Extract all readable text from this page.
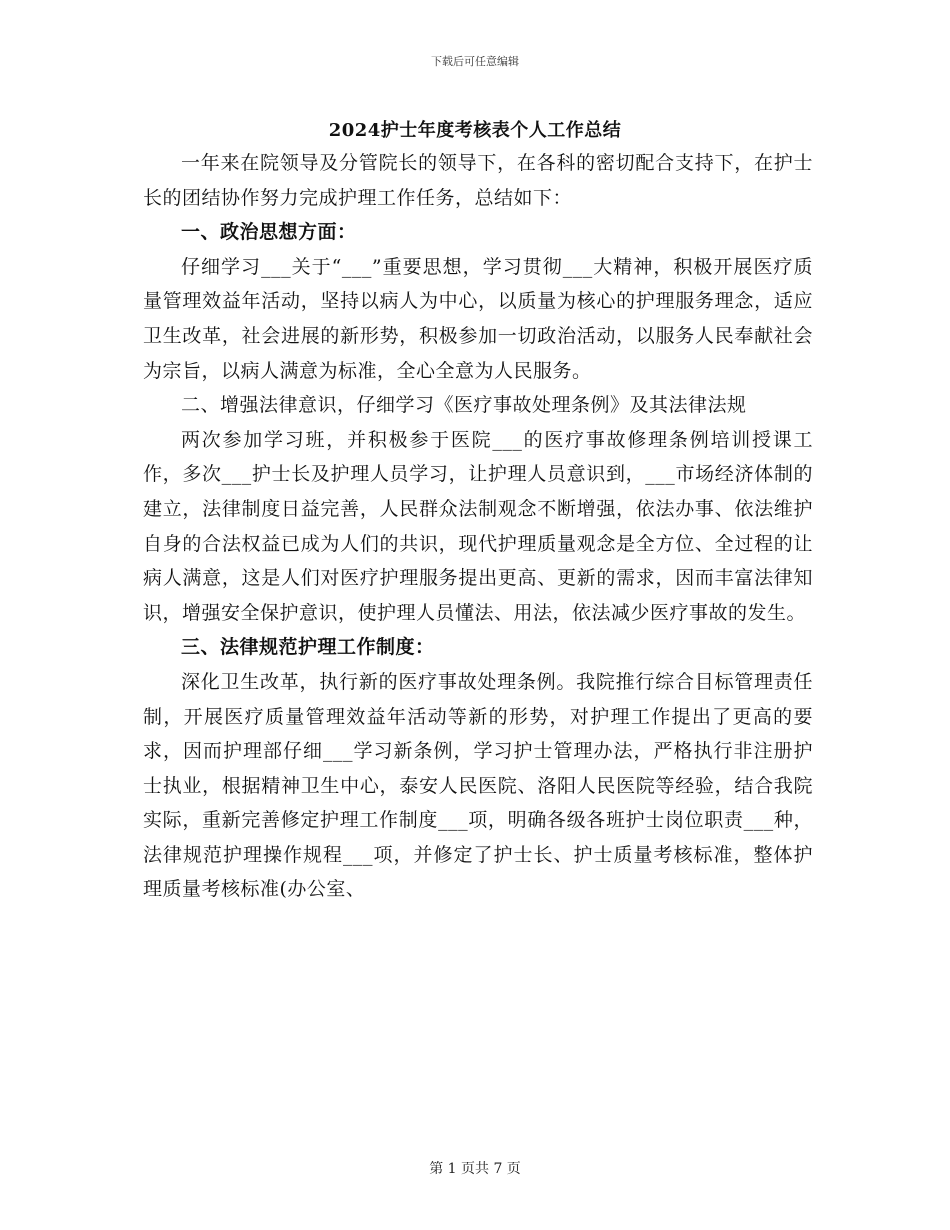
下载后可任意编辑
2024护士年度考核表个人工作总结

一年来在院领导及分管院长的领导下，在各科的密切配合支持下，在护士长的团结协作努力完成护理工作任务，总结如下：

一、政治思想方面：

仔细学习___关于“___”重要思想，学习贯彻___大精神，积极开展医疗质量管理效益年活动，坚持以病人为中心，以质量为核心的护理服务理念，适应卫生改革，社会进展的新形势，积极参加一切政治活动，以服务人民奉献社会为宗旨，以病人满意为标准，全心全意为人民服务。

二、增强法律意识，仔细学习《医疗事故处理条例》及其法律法规

两次参加学习班，并积极参于医院___的医疗事故修理条例培训授课工作，多次___护士长及护理人员学习，让护理人员意识到，___市场经济体制的建立，法律制度日益完善，人民群众法制观念不断增强，依法办事、依法维护自身的合法权益已成为人们的共识，现代护理质量观念是全方位、全过程的让病人满意，这是人们对医疗护理服务提出更高、更新的需求，因而丰富法律知识，增强安全保护意识，使护理人员懂法、用法，依法减少医疗事故的发生。

三、法律规范护理工作制度：

深化卫生改革，执行新的医疗事故处理条例。我院推行综合目标管理责任制，开展医疗质量管理效益年活动等新的形势，对护理工作提出了更高的要求，因而护理部仔细___学习新条例，学习护士管理办法，严格执行非注册护士执业，根据精神卫生中心，泰安人民医院、洛阳人民医院等经验，结合我院实际，重新完善修定护理工作制度___项，明确各级各班护士岗位职责___种，法律规范护理操作规程___项，并修定了护士长、护士质量考核标准，整体护理质量考核标准(办公室、

第 1 页共 7 页
